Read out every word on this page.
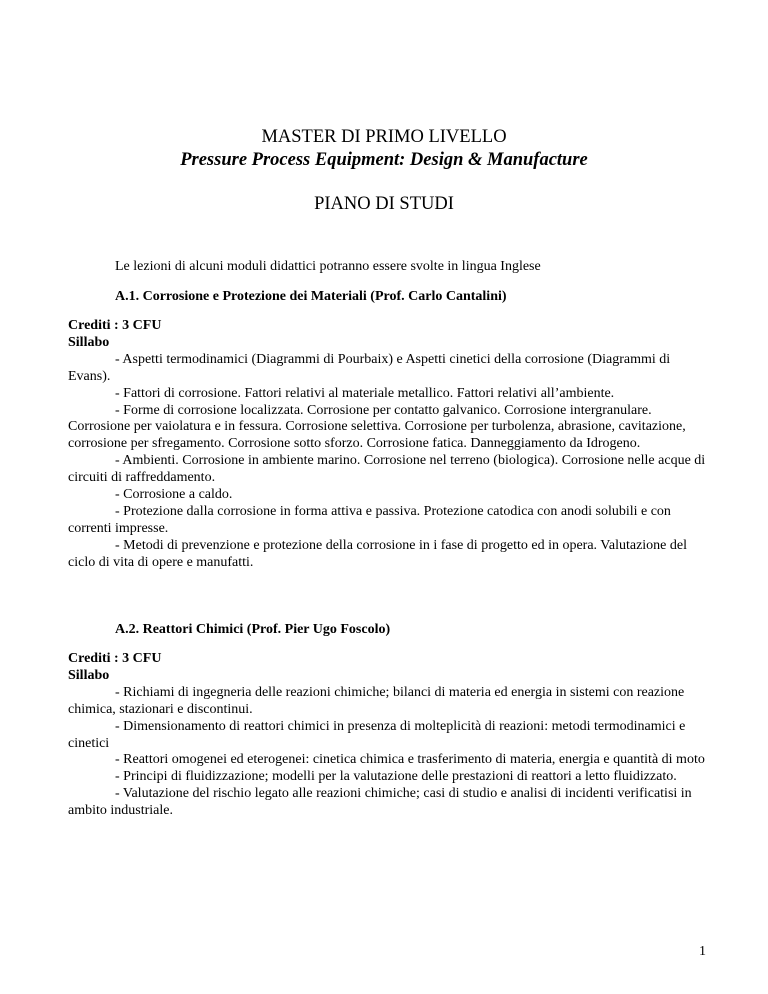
MASTER DI PRIMO LIVELLO
Pressure Process Equipment: Design & Manufacture
PIANO DI STUDI
Le lezioni di alcuni moduli didattici potranno essere svolte in lingua Inglese
A.1. Corrosione e Protezione dei Materiali (Prof. Carlo Cantalini)
Crediti : 3 CFU
Sillabo

- Aspetti termodinamici (Diagrammi di Pourbaix) e Aspetti cinetici della corrosione (Diagrammi di Evans).

- Fattori di corrosione. Fattori relativi al materiale metallico. Fattori relativi all’ambiente.

- Forme di corrosione localizzata. Corrosione per contatto galvanico. Corrosione intergranulare. Corrosione per vaiolatura e in fessura. Corrosione selettiva. Corrosione per turbolenza, abrasione, cavitazione, corrosione per sfregamento. Corrosione sotto sforzo. Corrosione fatica. Danneggiamento da Idrogeno.

- Ambienti. Corrosione in ambiente marino. Corrosione nel terreno (biologica). Corrosione nelle acque di circuiti di raffreddamento.

- Corrosione a caldo.

- Protezione dalla corrosione in forma attiva e passiva. Protezione catodica con anodi solubili e con correnti impresse.

- Metodi di prevenzione e protezione della corrosione in i fase di progetto ed in opera. Valutazione del ciclo di vita di opere e manufatti.

A.2. Reattori Chimici (Prof. Pier Ugo Foscolo)
Crediti : 3 CFU
Sillabo

- Richiami di ingegneria delle reazioni chimiche; bilanci di materia ed energia in sistemi con reazione chimica, stazionari e discontinui.

- Dimensionamento di reattori chimici in presenza di molteplicità di reazioni: metodi termodinamici e cinetici

- Reattori omogenei ed eterogenei: cinetica chimica e trasferimento di materia, energia e quantità di moto

- Principi di fluidizzazione; modelli per la valutazione delle prestazioni di reattori a letto fluidizzato.

- Valutazione del rischio legato alle reazioni chimiche; casi di studio e analisi di incidenti verificatisi in ambito industriale.

1
